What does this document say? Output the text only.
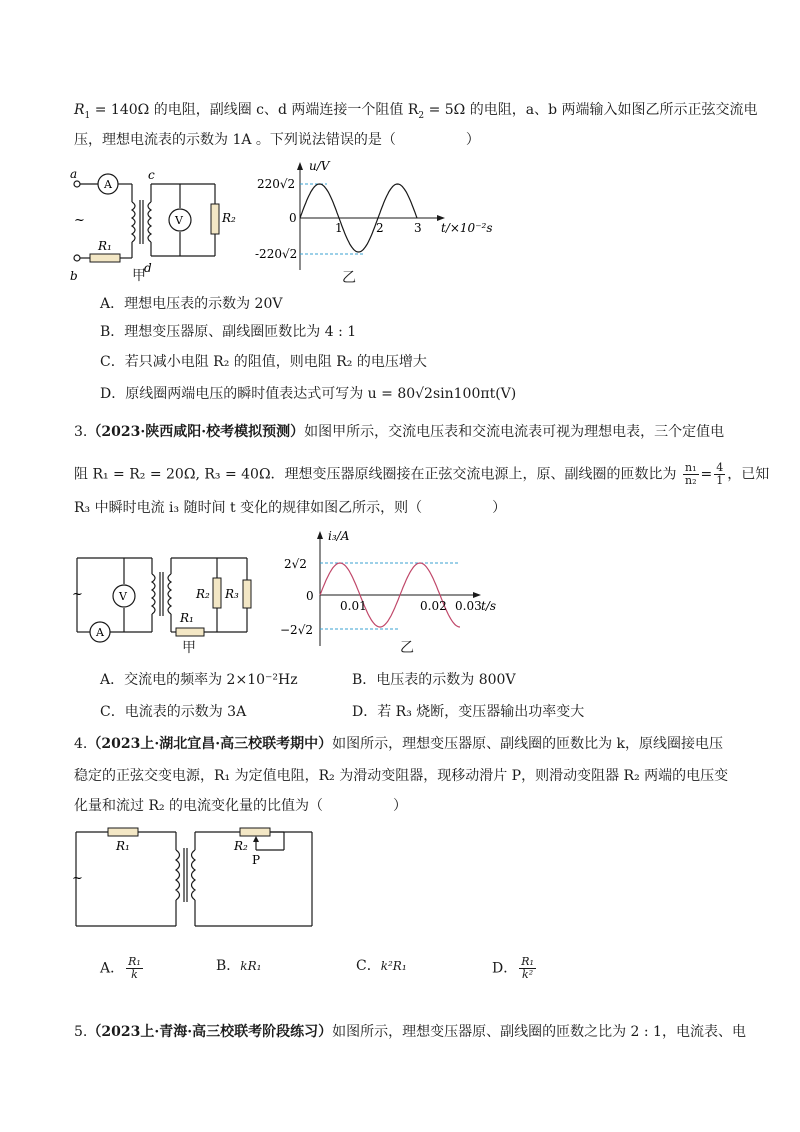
$R_1 = 140\Omega$ 的电阻，副线圈 c、d 两端连接一个阻值 $R_2 = 5\Omega$ 的电阻，a、b 两端输入如图乙所示正弦交流电
压，理想电流表的示数为 1A 。下列说法错误的是（　　　　　）
a
b
c
d
A
V
R₁
R₂
~
甲
u/V
t/×10⁻²s
220√2
-220√2
0
1	2	3
乙
A．理想电压表的示数为 20V
B．理想变压器原、副线圈匝数比为 4 : 1
C．若只减小电阻 R₂ 的阻值，则电阻 R₂ 的电压增大
D．原线圈两端电压的瞬时值表达式可写为 u = 80√2sin100πt(V)
3.（2023·陕西咸阳·校考模拟预测）如图甲所示，交流电压表和交流电流表可视为理想电表，三个定值电
阻 R₁ = R₂ = 20Ω, R₃ = 40Ω．理想变压器原线圈接在正弦交流电源上，原、副线圈的匝数比为 $\frac{\text{n₁}}{\text{n₂}} = \frac{4}{1}$ ，已知
R₃ 中瞬时电流 i₃ 随时间 t 变化的规律如图乙所示，则（　　　　　）
~	V
A
R₁
R₂ R₃
甲
i₃/A
t/s
2√2
−2√2
0
0.01	0.02 0.03
乙
A．交流电的频率为 2×10⁻²Hz	B．电压表的示数为 800V
C．电流表的示数为 3A	D．若 R₃ 烧断，变压器输出功率变大
4.（2023上·湖北宜昌·高三校联考期中）如图所示，理想变压器原、副线圈的匝数比为 k，原线圈接电压
稳定的正弦交变电源，R₁ 为定值电阻，R₂ 为滑动变阻器，现移动滑片 P，则滑动变阻器 R₂ 两端的电压变
化量和流过 R₂ 的电流变化量的比值为（　　　　　）
R₁	R₂
P
~
A． $\frac{\text{R₁}}{k}$	B．kR₁	C．k²R₁	D． $\frac{\text{R₁}}{\text{k²}}$
5.（2023上·青海·高三校联考阶段练习）如图所示，理想变压器原、副线圈的匝数之比为 2 : 1，电流表、电
